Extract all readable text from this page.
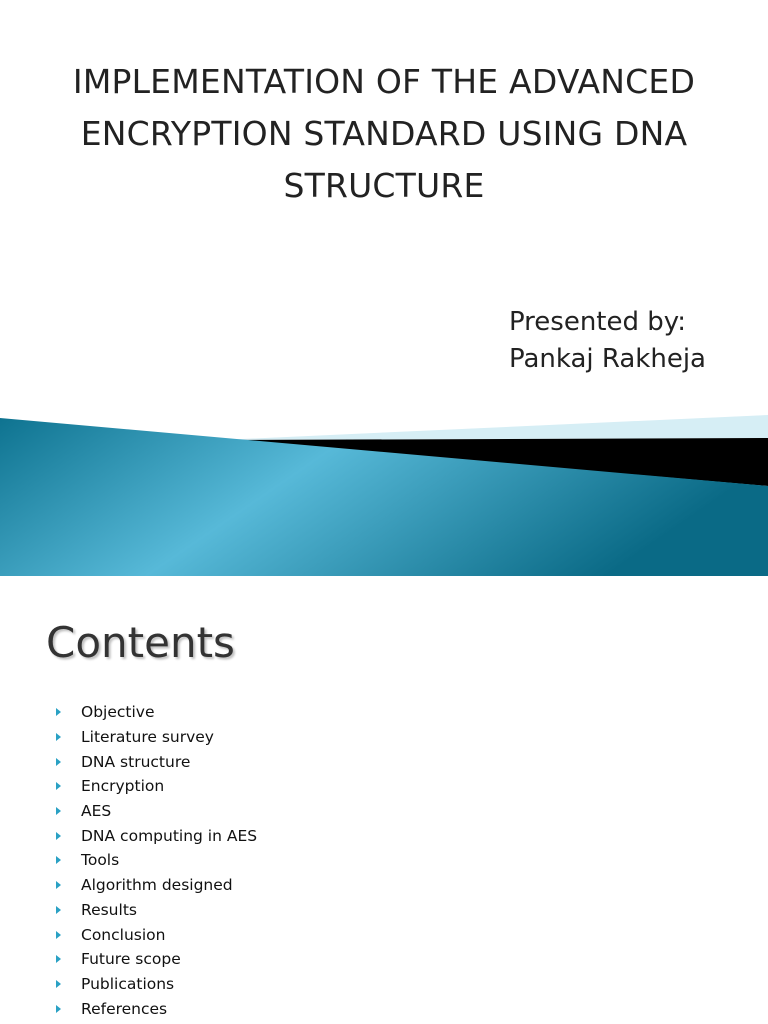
IMPLEMENTATION OF THE ADVANCED
ENCRYPTION STANDARD USING DNA
STRUCTURE
Presented by:
Pankaj Rakheja
Contents
Objective
Literature survey
DNA structure
Encryption
AES
DNA computing in AES
Tools
Algorithm designed
Results
Conclusion
Future scope
Publications
References
